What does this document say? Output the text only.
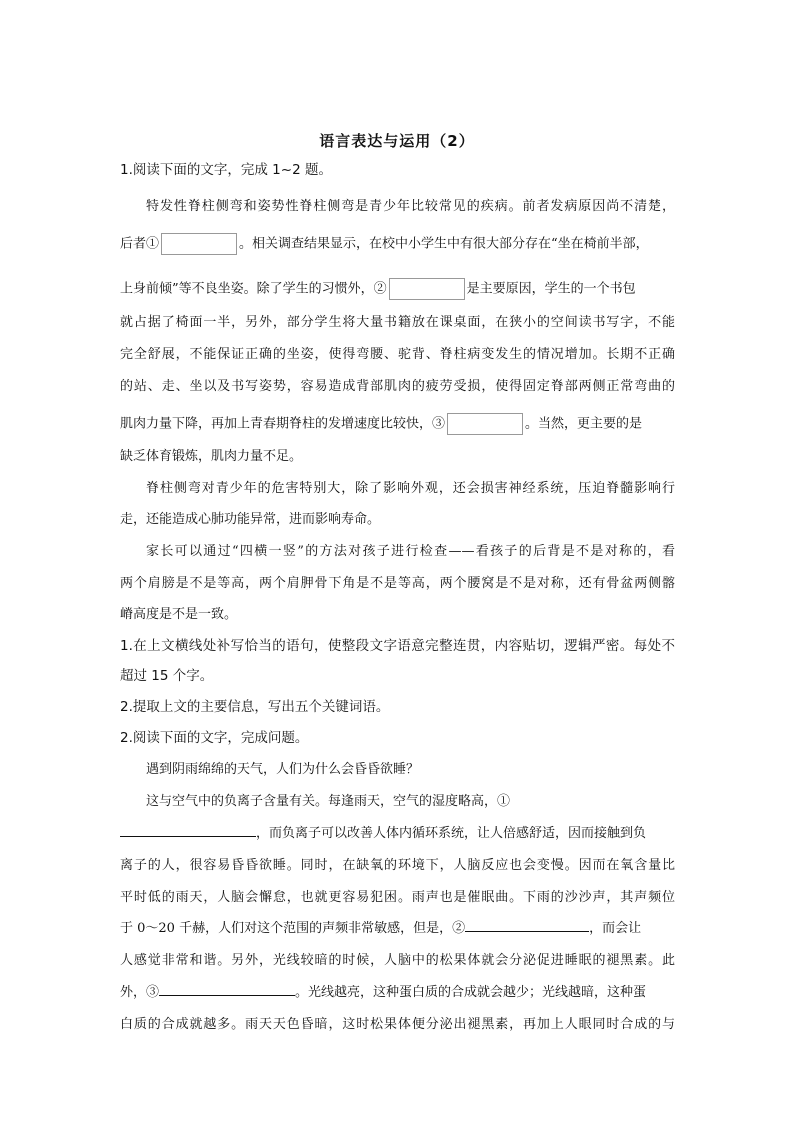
语言表达与运用（2）
1.阅读下面的文字，完成 1~2 题。
特发性脊柱侧弯和姿势性脊柱侧弯是青少年比较常见的疾病。前者发病原因尚不清楚，
后者①	。相关调查结果显示，在校中小学生中有很大部分存在“坐在椅前半部，
上身前倾”等不良坐姿。除了学生的习惯外，②	是主要原因，学生的一个书包
就占据了椅面一半，另外，部分学生将大量书籍放在课桌面，在狭小的空间读书写字，不能
完全舒展，不能保证正确的坐姿，使得弯腰、驼背、脊柱病变发生的情况增加。长期不正确
的站、走、坐以及书写姿势，容易造成背部肌肉的疲劳受损，使得固定脊部两侧正常弯曲的
肌肉力量下降，再加上青春期脊柱的发增速度比较快，③	。当然，更主要的是
缺乏体育锻炼，肌肉力量不足。
脊柱侧弯对青少年的危害特别大，除了影响外观，还会损害神经系统，压迫脊髓影响行
走，还能造成心肺功能异常，进而影响寿命。
家长可以通过“四横一竖”的方法对孩子进行检查——看孩子的后背是不是对称的，看
两个肩膀是不是等高，两个肩胛骨下角是不是等高，两个腰窝是不是对称，还有骨盆两侧髂
嵴高度是不是一致。
1.在上文横线处补写恰当的语句，使整段文字语意完整连贯，内容贴切，逻辑严密。每处不
超过 15 个字。
2.提取上文的主要信息，写出五个关键词语。
2.阅读下面的文字，完成问题。
遇到阴雨绵绵的天气，人们为什么会昏昏欲睡？
这与空气中的负离子含量有关。每逢雨天，空气的湿度略高，①
，而负离子可以改善人体内循环系统，让人倍感舒适，因而接触到负
离子的人，很容易昏昏欲睡。同时，在缺氧的环境下，人脑反应也会变慢。因而在氧含量比
平时低的雨天，人脑会懈怠，也就更容易犯困。雨声也是催眠曲。下雨的沙沙声，其声频位
于 0～20 千赫，人们对这个范围的声频非常敏感，但是，②	，而会让
人感觉非常和谐。另外，光线较暗的时候，人脑中的松果体就会分泌促进睡眠的褪黑素。此
外，③	。光线越亮，这种蛋白质的合成就会越少；光线越暗，这种蛋
白质的合成就越多。雨天天色昏暗，这时松果体便分泌出褪黑素，再加上人眼同时合成的与
